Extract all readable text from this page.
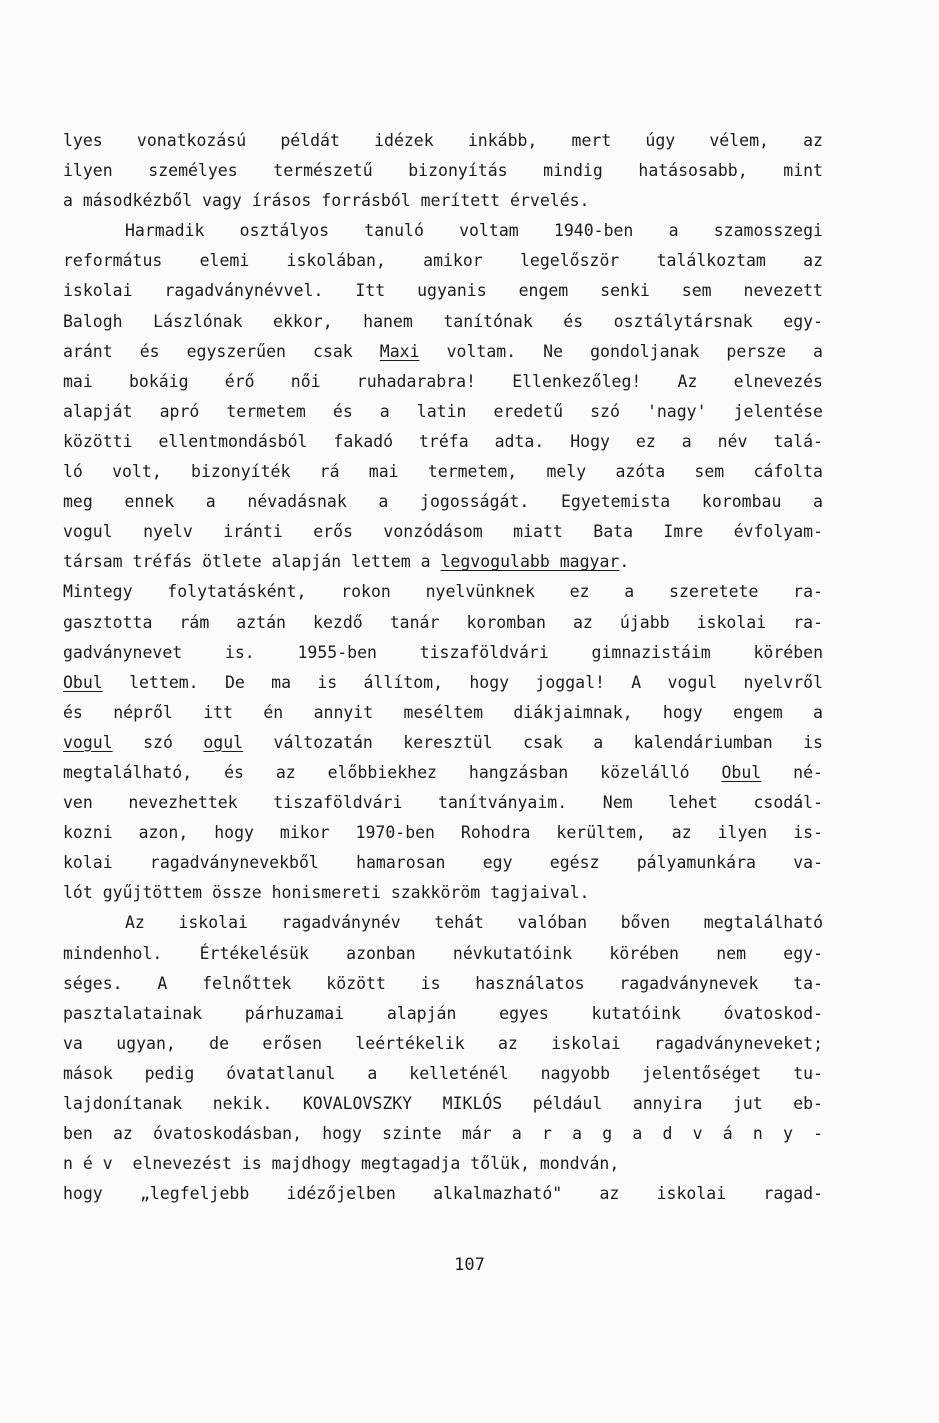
lyes vonatkozású példát idézek inkább, mert úgy vélem, az
ilyen személyes természetű bizonyítás mindig hatásosabb, mint
a másodkézből vagy írásos forrásból merített érvelés.
Harmadik osztályos tanuló voltam 1940-ben a szamosszegi
református elemi iskolában, amikor legelőször találkoztam az
iskolai ragadványnévvel. Itt ugyanis engem senki sem nevezett
Balogh Lászlónak ekkor, hanem tanítónak és osztálytársnak egy-
aránt és egyszerűen csak Maxi voltam. Ne gondoljanak persze a
mai bokáig érő női ruhadarabra! Ellenkezőleg! Az elnevezés
alapját apró termetem és a latin eredetű szó 'nagy' jelentése
közötti ellentmondásból fakadó tréfa adta. Hogy ez a név talá-
ló volt, bizonyíték rá mai termetem, mely azóta sem cáfolta
meg ennek a névadásnak a jogosságát. Egyetemista korombau a
vogul nyelv iránti erős vonzódásom miatt Bata Imre évfolyam-
társam tréfás ötlete alapján lettem a legvogulabb magyar.
Mintegy folytatásként, rokon nyelvünknek ez a szeretete ra-
gasztotta rám aztán kezdő tanár koromban az újabb iskolai ra-
gadványnevet is. 1955-ben tiszaföldvári gimnazistáim körében
Obul lettem. De ma is állítom, hogy joggal! A vogul nyelvről
és népről itt én annyit meséltem diákjaimnak, hogy engem a
vogul szó ogul változatán keresztül csak a kalendáriumban is
megtalálható, és az előbbiekhez hangzásban közelálló Obul né-
ven nevezhettek tiszaföldvári tanítványaim. Nem lehet csodál-
kozni azon, hogy mikor 1970-ben Rohodra kerültem, az ilyen is-
kolai ragadványnevekből hamarosan egy egész pályamunkára va-
lót gyűjtöttem össze honismereti szakköröm tagjaival.
Az iskolai ragadványnév tehát valóban bőven megtalálható
mindenhol. Értékelésük azonban névkutatóink körében nem egy-
séges. A felnőttek között is használatos ragadványnevek ta-
pasztalatainak párhuzamai alapján egyes kutatóink óvatoskod-
va ugyan, de erősen leértékelik az iskolai ragadványneveket;
mások pedig óvatatlanul a kelleténél nagyobb jelentőséget tu-
lajdonítanak nekik. KOVALOVSZKY MIKLÓS például annyira jut eb-
ben az óvatoskodásban, hogy szinte már a r a g a d v á n y -
n é v  elnevezést is majdhogy megtagadja tőlük, mondván,
hogy „legfeljebb idézőjelben alkalmazható" az iskolai ragad-
107
